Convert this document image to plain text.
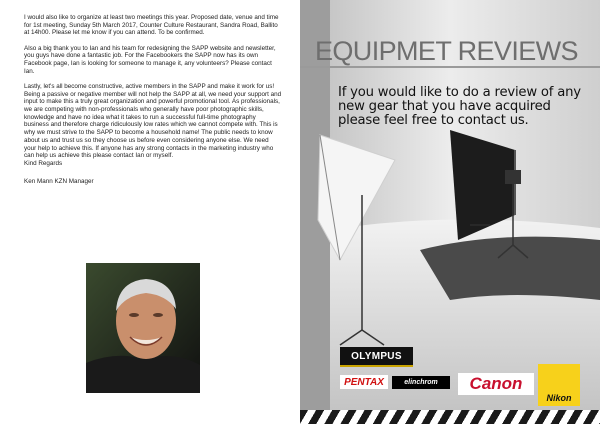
I would also like to organize at least two meetings this year. Proposed date, venue and time for 1st meeting, Sunday 5th March 2017, Counter Culture Restaurant, Sandra Road, Ballito at 14h00. Please let me know if you can attend. To be confirmed.

Also a big thank you to Ian and his team for redesigning the SAPP website and newsletter, you guys have done a fantastic job. For the Facebookers the SAPP now has its own Facebook page, Ian is looking for someone to manage it, any volunteers? Please contact Ian.

Lastly, let's all become constructive, active members in the SAPP and make it work for us! Being a passive or negative member will not help the SAPP at all, we need your support and input to make this a truly great organization and powerful promotional tool. As professionals, we are competing with non-professionals who generally have poor photographic skills, knowledge and have no idea what it takes to run a successful full-time photography business and therefore charge ridiculously low rates which we cannot compete with. This is why we must strive to the SAPP to become a household name! The public needs to know about us and trust us so they choose us before even considering anyone else. We need your help to achieve this. If anyone has any strong contacts in the marketing industry who can help us achieve this please contact Ian or myself.
Kind Regards

Ken Mann KZN Manager

EQUIPMET REVIEWS
If you would like to do a review of any new gear that you have acquired please feel free to contact us.
OLYMPUS
PENTAX	elinchrom	Canon
Nikon
